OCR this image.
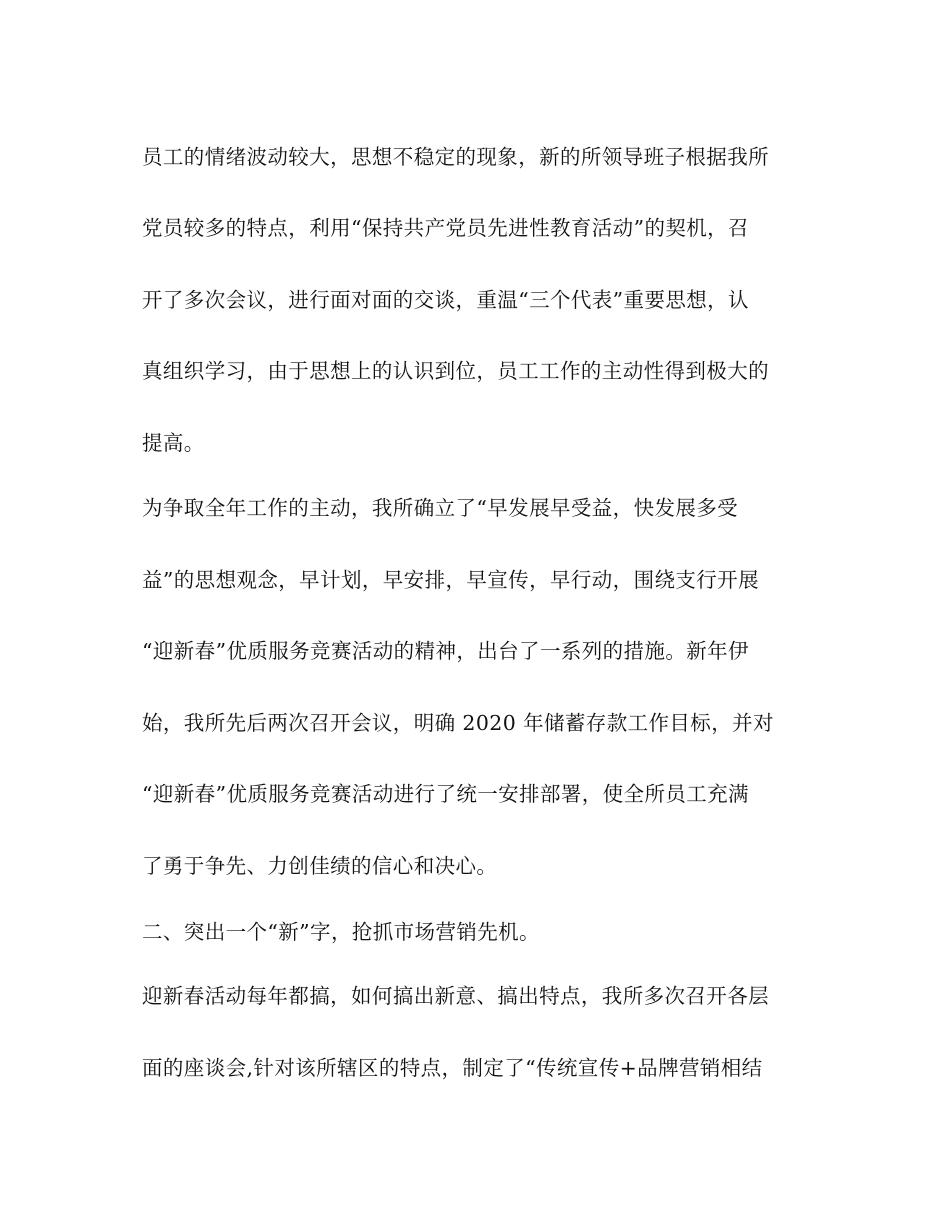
员工的情绪波动较大，思想不稳定的现象，新的所领导班子根据我所
党员较多的特点，利用“保持共产党员先进性教育活动”的契机，召
开了多次会议，进行面对面的交谈，重温“三个代表”重要思想，认
真组织学习，由于思想上的认识到位，员工工作的主动性得到极大的
提高。
为争取全年工作的主动，我所确立了“早发展早受益，快发展多受
益”的思想观念，早计划，早安排，早宣传，早行动，围绕支行开展
“迎新春”优质服务竞赛活动的精神，出台了一系列的措施。新年伊
始，我所先后两次召开会议，明确 2020 年储蓄存款工作目标，并对
“迎新春”优质服务竞赛活动进行了统一安排部署，使全所员工充满
了勇于争先、力创佳绩的信心和决心。
二、突出一个“新”字，抢抓市场营销先机。
迎新春活动每年都搞，如何搞出新意、搞出特点，我所多次召开各层
面的座谈会,针对该所辖区的特点，制定了“传统宣传+品牌营销相结
